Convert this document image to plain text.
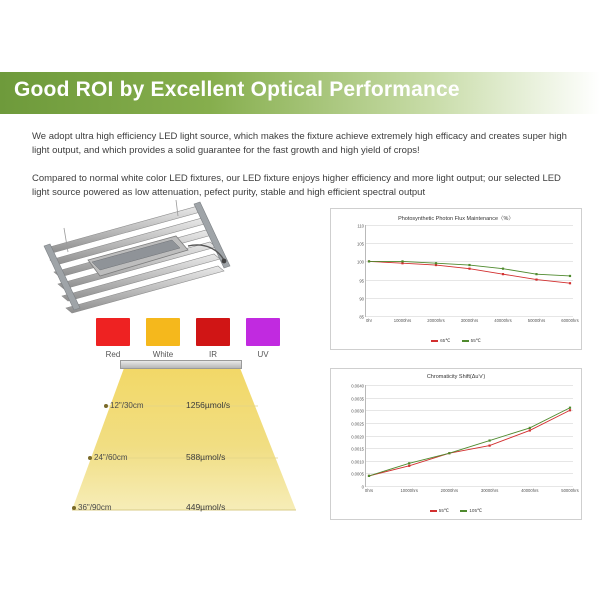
Good ROI by Excellent Optical Performance
We adopt ultra high efficiency LED light source, which makes the fixture achieve extremely high efficacy and creates super high light output, and which provides a solid guarantee for the fast growth and high yield of crops!
Compared to normal white color LED fixtures, our LED fixture enjoys higher efficiency and more light output; our selected LED light source powered as low attenuation, pefect purity, stable and high efficient spectral output
Red	White	IR	UV
12"/30cm	1256µmol/s
24"/60cm	588µmol/s
36"/90cm	449µmol/s
Photosynthetic Photon Flux Maintenance（%）
110
105
100
95
90
85
0hr	10000hrs	20000hrs	30000hrs	40000hrs	50000hrs	60000hrs
65℃	55℃
Chromaticity Shift(Δu'v')
0.0040
0.0035
0.0030
0.0025
0.0020
0.0015
0.0010
0.0005
0
0hrs	10000hrs	20000hrs	30000hrs	40000hrs	50000hrs
55℃	105℃
